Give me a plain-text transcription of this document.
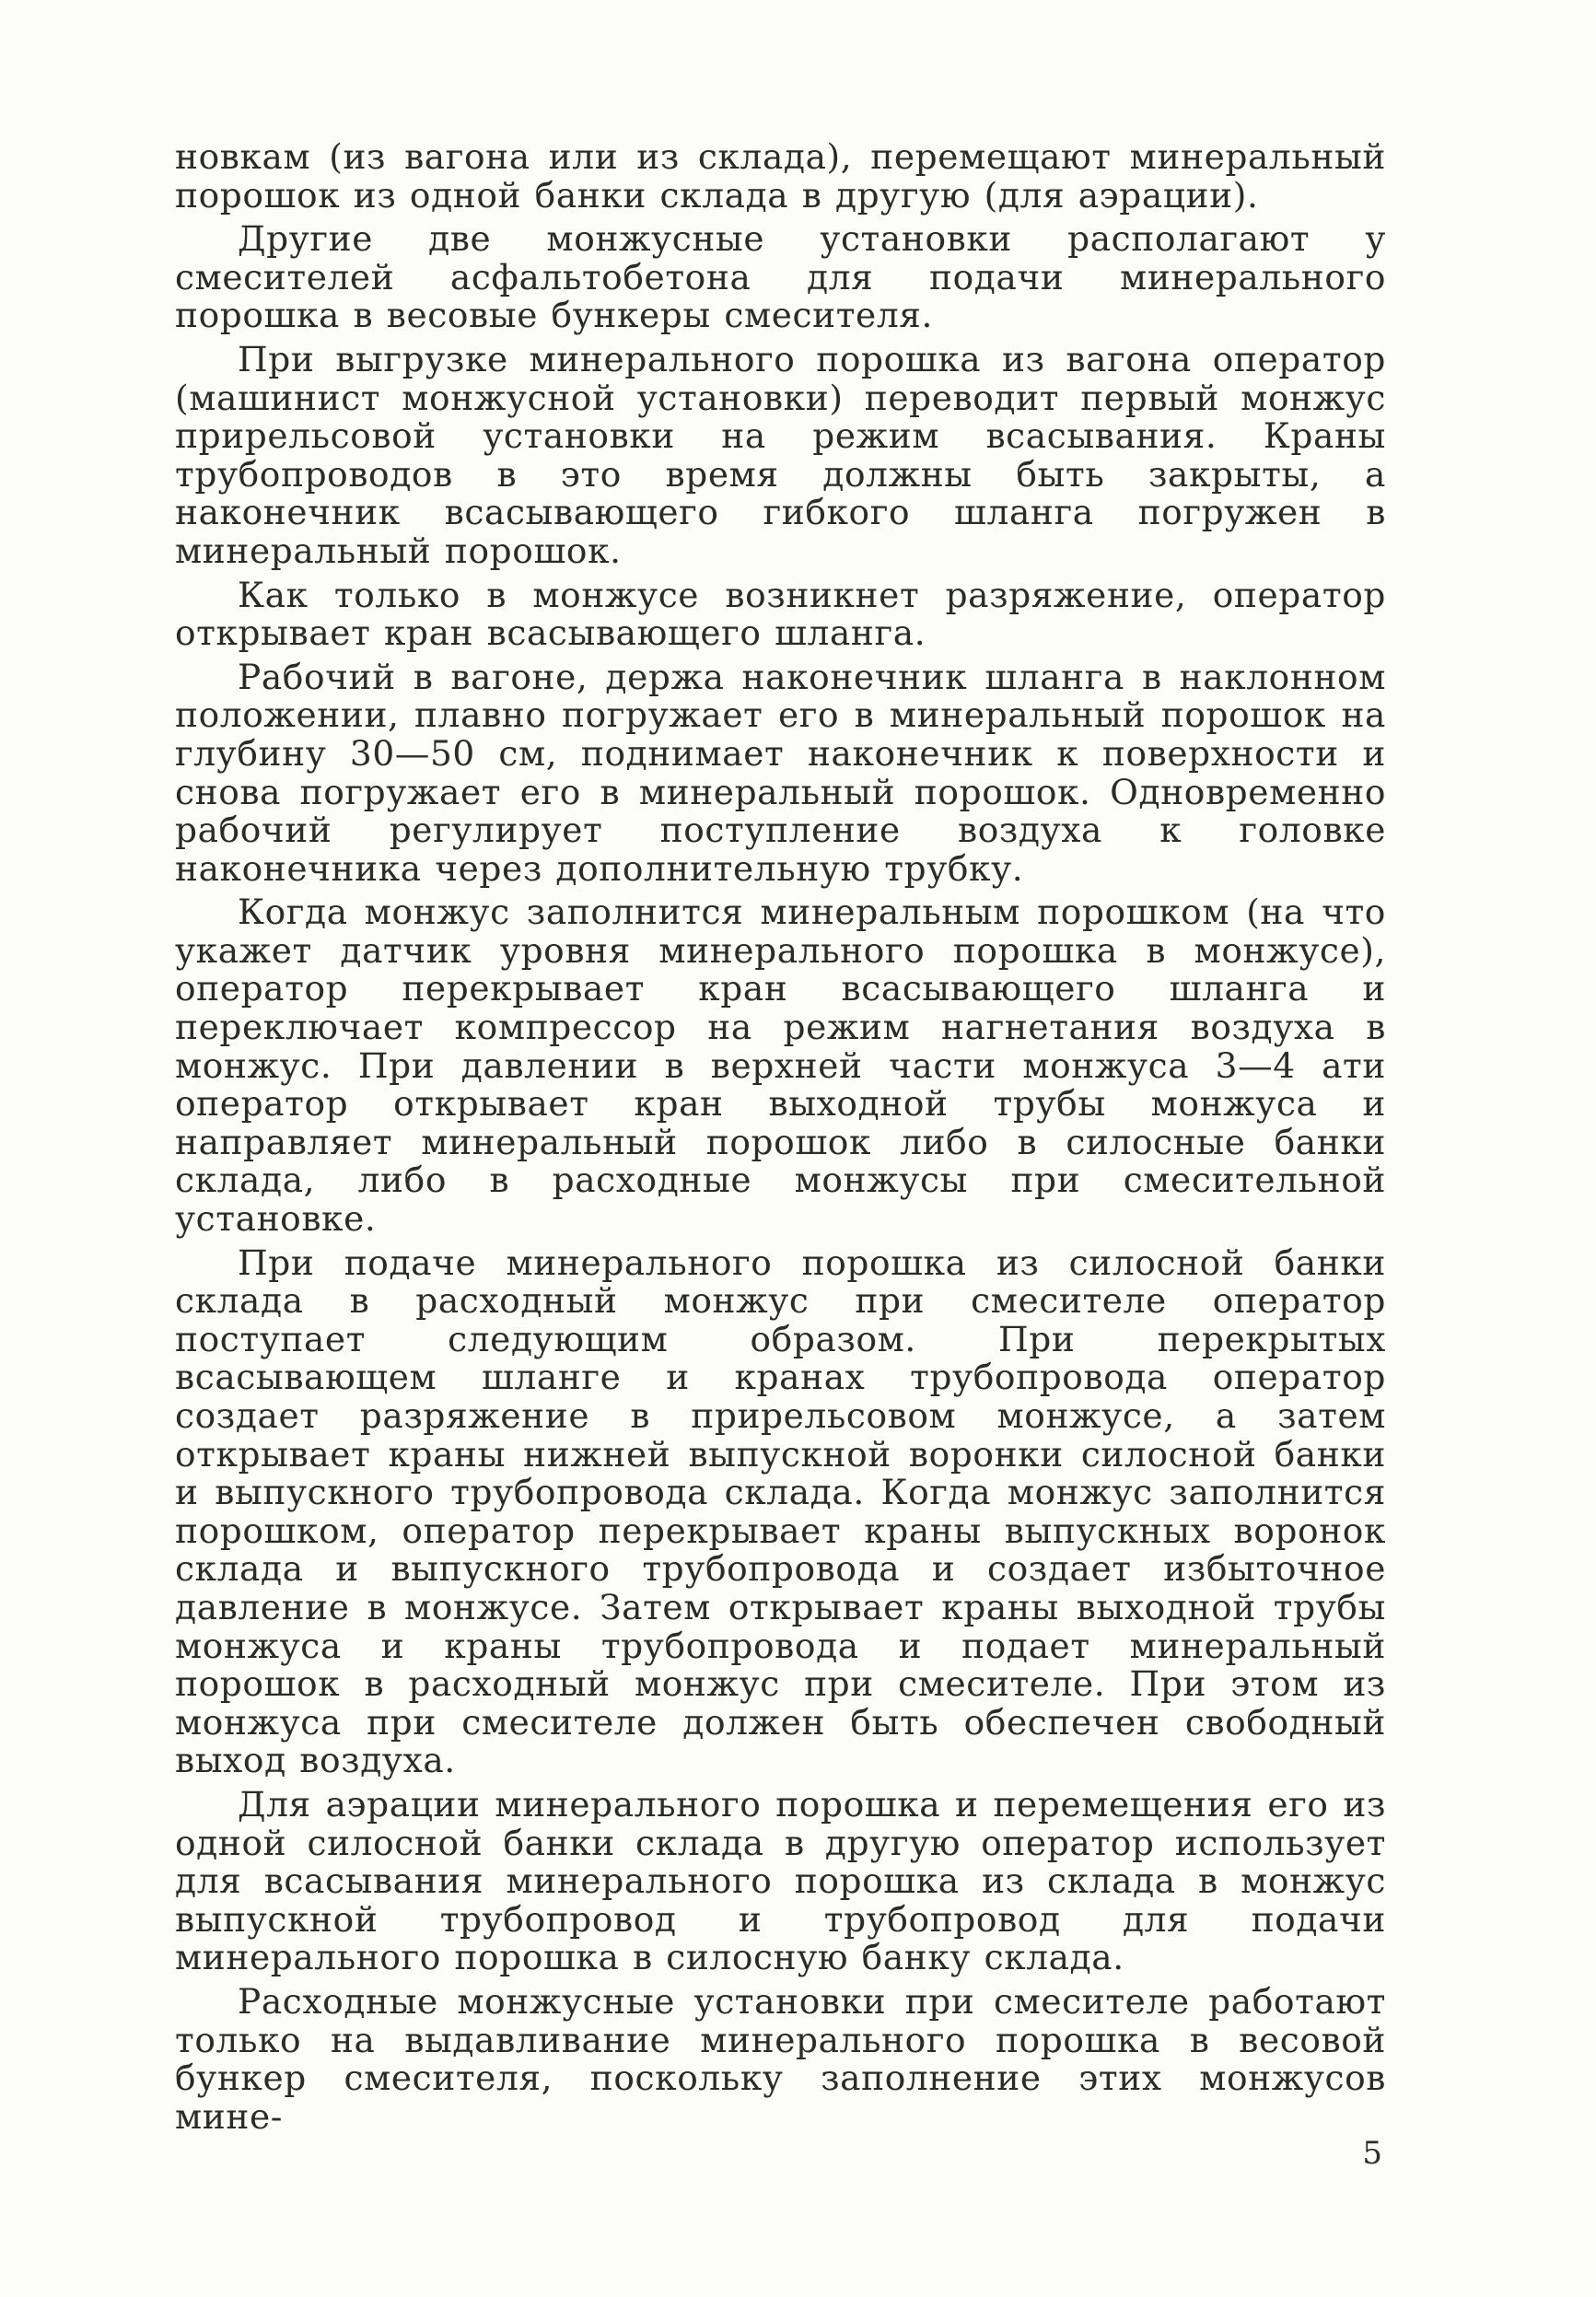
новкам (из вагона или из склада), перемещают минеральный порошок из одной банки склада в другую (для аэрации).

Другие две монжусные установки располагают у смесителей асфальтобетона для подачи минерального порошка в весовые бункеры смесителя.

При выгрузке минерального порошка из вагона оператор (машинист монжусной установки) переводит первый монжус прирельсовой установки на режим всасывания. Краны трубопроводов в это время должны быть закрыты, а наконечник всасывающего гибкого шланга погружен в минеральный порошок.

Как только в монжусе возникнет разряжение, оператор открывает кран всасывающего шланга.

Рабочий в вагоне, держа наконечник шланга в наклонном положении, плавно погружает его в минеральный порошок на глубину 30—50 см, поднимает наконечник к поверхности и снова погружает его в минеральный порошок. Одновременно рабочий регулирует поступление воздуха к головке наконечника через дополнительную трубку.

Когда монжус заполнится минеральным порошком (на что укажет датчик уровня минерального порошка в монжусе), оператор перекрывает кран всасывающего шланга и переключает компрессор на режим нагнетания воздуха в монжус. При давлении в верхней части монжуса 3—4 ати оператор открывает кран выходной трубы монжуса и направляет минеральный порошок либо в силосные банки склада, либо в расходные монжусы при смесительной установке.

При подаче минерального порошка из силосной банки склада в расходный монжус при смесителе оператор поступает следующим образом. При перекрытых всасывающем шланге и кранах трубопровода оператор создает разряжение в прирельсовом монжусе, а затем открывает краны нижней выпускной воронки силосной банки и выпускного трубопровода склада. Когда монжус заполнится порошком, оператор перекрывает краны выпускных воронок склада и выпускного трубопровода и создает избыточное давление в монжусе. Затем открывает краны выходной трубы монжуса и краны трубопровода и подает минеральный порошок в расходный монжус при смесителе. При этом из монжуса при смесителе должен быть обеспечен свободный выход воздуха.

Для аэрации минерального порошка и перемещения его из одной силосной банки склада в другую оператор использует для всасывания минерального порошка из склада в монжус выпускной трубопровод и трубопровод для подачи минерального порошка в силосную банку склада.

Расходные монжусные установки при смесителе работают только на выдавливание минерального порошка в весовой бункер смесителя, поскольку заполнение этих монжусов мине-

5
